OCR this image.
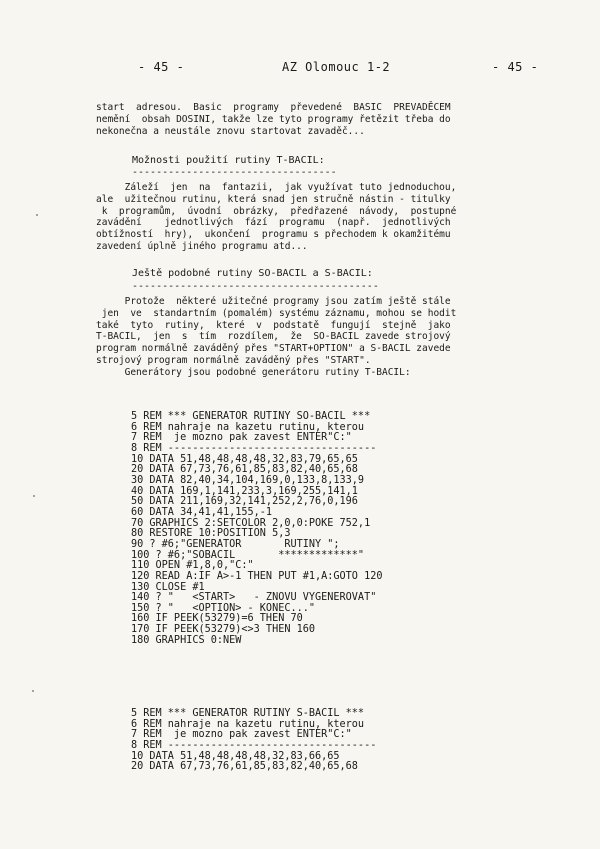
- 45 -	AZ Olomouc 1-2	- 45 -
start  adresou.  Basic  programy  převedené  BASIC  PREVADĚCEM
nemění  obsah DOSINI, takže lze tyto programy řetězit třeba do
nekonečna a neustále znovu startovat zavaděč...
Možnosti použití rutiny T-BACIL:
----------------------------------
Záleží  jen  na  fantazii,  jak využívat tuto jednoduchou,
ale  užitečnou rutinu, která snad jen stručně nástin - titulky
k  programům,  úvodní  obrázky,  předřazené  návody,  postupné
zavádění    jednotlivých  fází  programu  (např.  jednotlivých
obtížností  hry),  ukončení  programu s přechodem k okamžitému
zavedení úplně jiného programu atd...
Ještě podobné rutiny SO-BACIL a S-BACIL:
-----------------------------------------
Protože  některé užitečné programy jsou zatím ještě stále
jen  ve  standartním (pomalém) systému záznamu, mohou se hodit
také  tyto  rutiny,  které  v  podstatě  fungují  stejně  jako
T-BACIL,  jen  s  tím  rozdílem,  že  SO-BACIL zavede strojový
program normálně zaváděný přes "START+OPTION" a S-BACIL zavede
strojový program normálně zaváděný přes "START".
Generátory jsou podobné generátoru rutiny T-BACIL:
5 REM *** GENERATOR RUTINY SO-BACIL ***
6 REM nahraje na kazetu rutinu, kterou
7 REM  je mozno pak zavest ENTER"C:"
8 REM ----------------------------------
10 DATA 51,48,48,48,48,32,83,79,65,65
20 DATA 67,73,76,61,85,83,82,40,65,68
30 DATA 82,40,34,104,169,0,133,8,133,9
40 DATA 169,1,141,233,3,169,255,141,1
50 DATA 211,169,32,141,252,2,76,0,196
60 DATA 34,41,41,155,-1
70 GRAPHICS 2:SETCOLOR 2,0,0:POKE 752,1
80 RESTORE 10:POSITION 5,3
90 ? #6;"GENERATOR       RUTINY ";
100 ? #6;"SOBACIL       *************"
110 OPEN #1,8,0,"C:"
120 READ A:IF A>-1 THEN PUT #1,A:GOTO 120
130 CLOSE #1
140 ? "   <START>   - ZNOVU VYGENEROVAT"
150 ? "   <OPTION> - KONEC..."
160 IF PEEK(53279)=6 THEN 70
170 IF PEEK(53279)<>3 THEN 160
180 GRAPHICS 0:NEW
5 REM *** GENERATOR RUTINY S-BACIL ***
6 REM nahraje na kazetu rutinu, kterou
7 REM  je mozno pak zavest ENTER"C:"
8 REM ----------------------------------
10 DATA 51,48,48,48,48,32,83,66,65
20 DATA 67,73,76,61,85,83,82,40,65,68
